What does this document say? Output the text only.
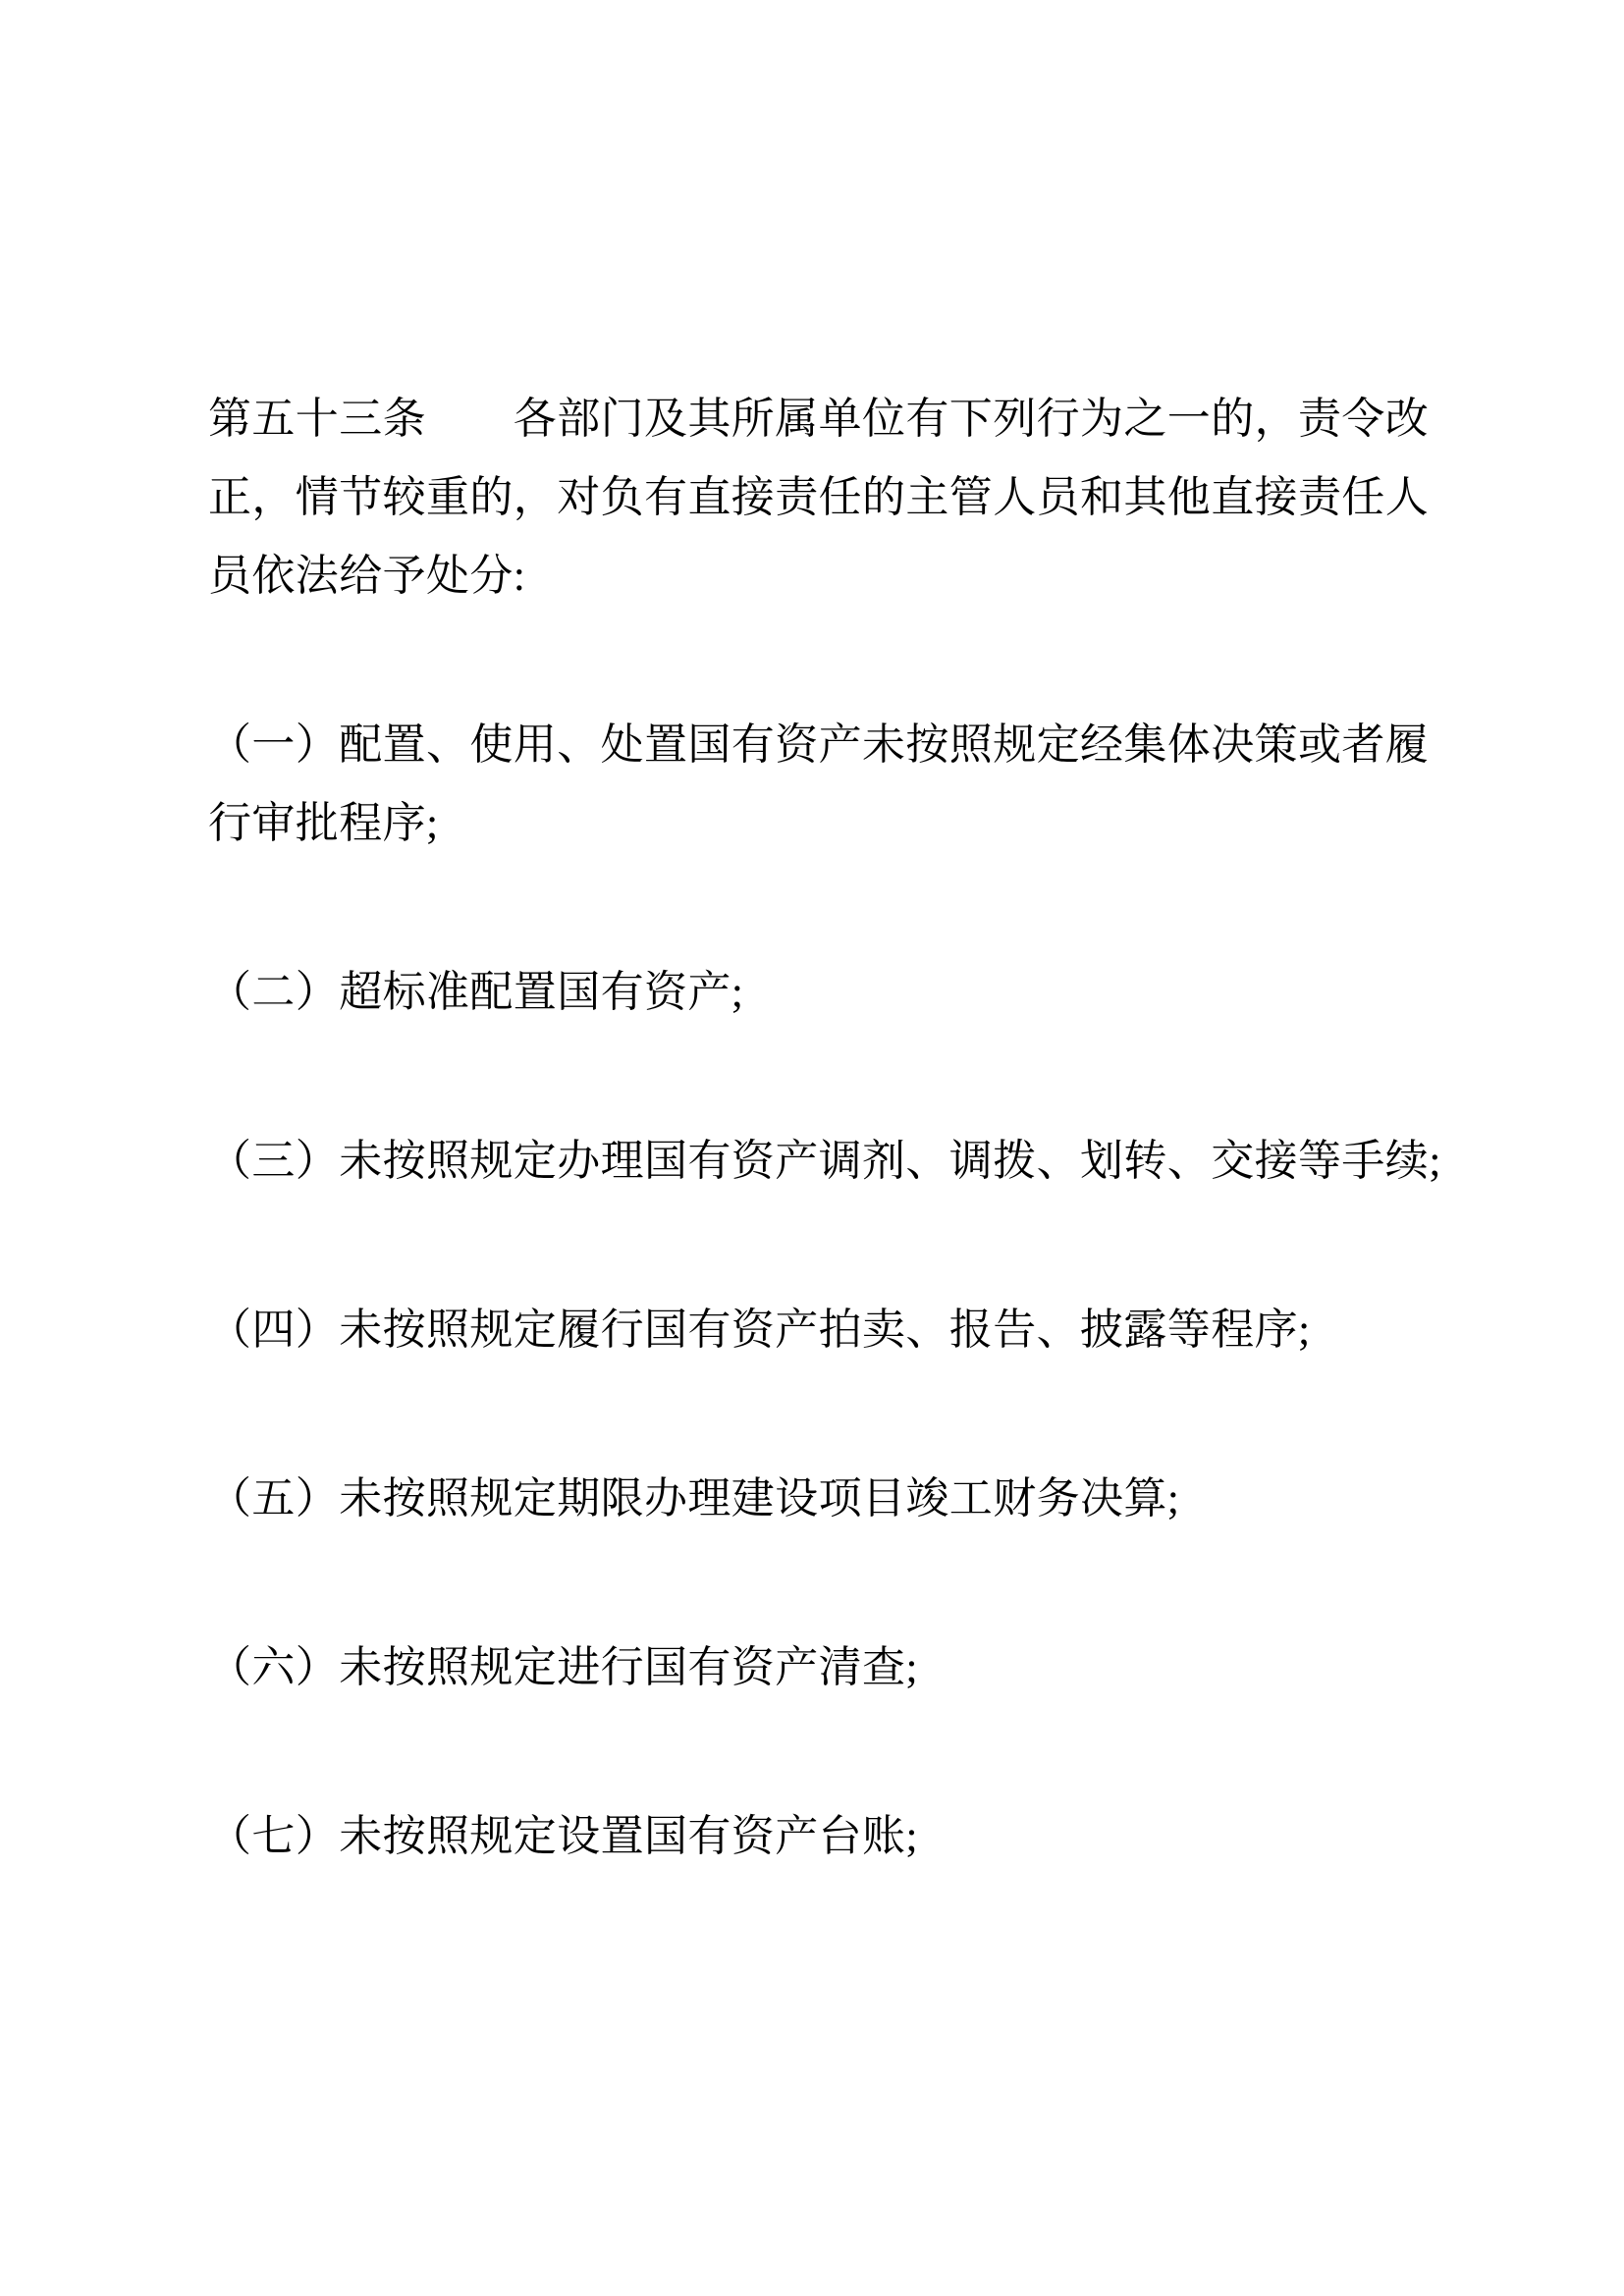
第五十三条　　各部门及其所属单位有下列行为之一的，责令改
正，情节较重的，对负有直接责任的主管人员和其他直接责任人
员依法给予处分:

（一）配置、使用、处置国有资产未按照规定经集体决策或者履
行审批程序;

（二）超标准配置国有资产;

（三）未按照规定办理国有资产调剂、调拨、划转、交接等手续;

（四）未按照规定履行国有资产拍卖、报告、披露等程序;

（五）未按照规定期限办理建设项目竣工财务决算;

（六）未按照规定进行国有资产清查;

（七）未按照规定设置国有资产台账;
